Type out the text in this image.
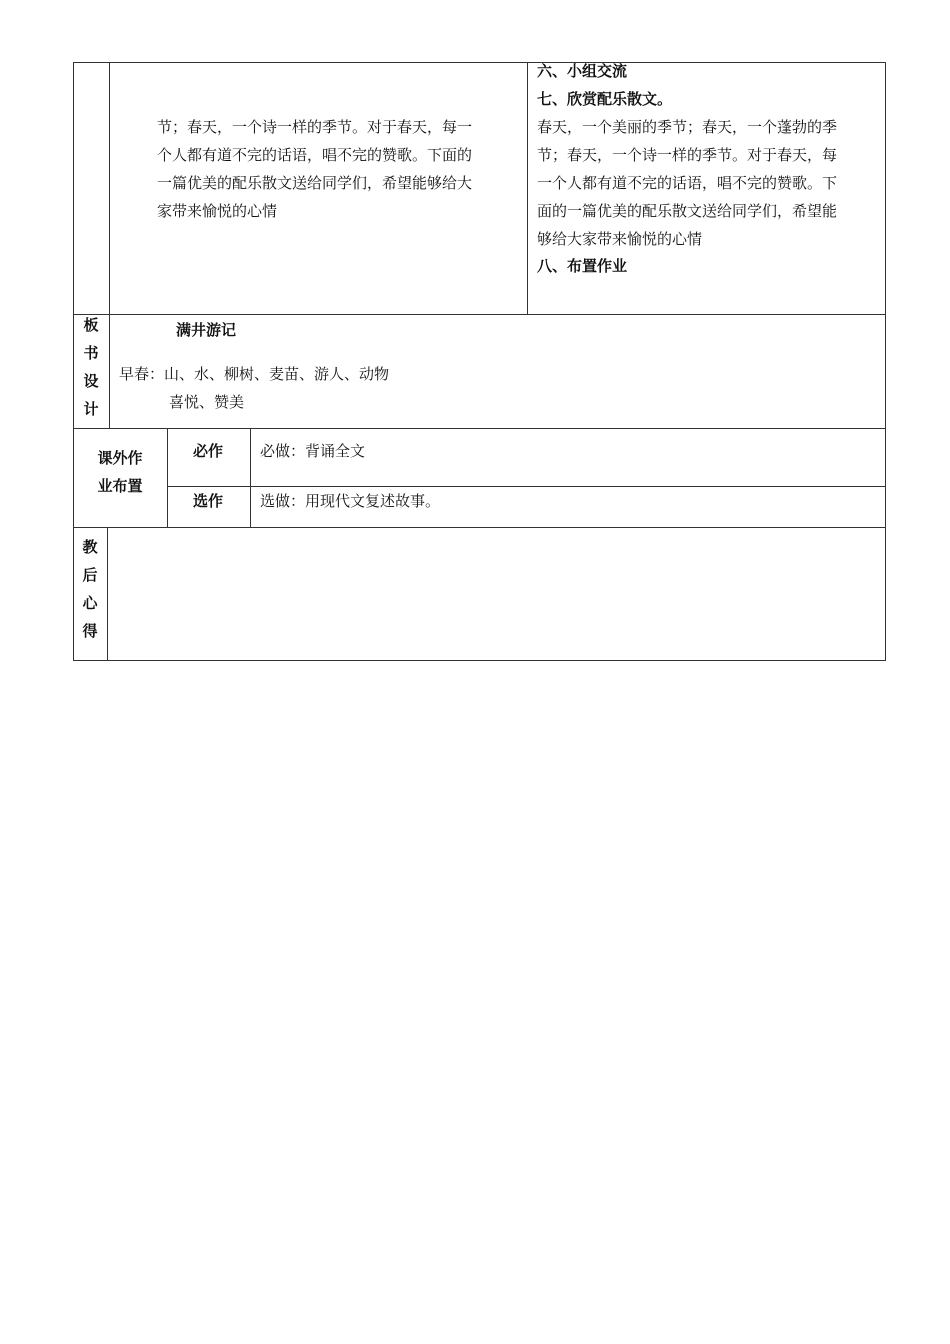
节；春天，一个诗一样的季节。对于春天，每一
个人都有道不完的话语，唱不完的赞歌。下面的
一篇优美的配乐散文送给同学们，希望能够给大
家带来愉悦的心情
六、小组交流
七、欣赏配乐散文。
春天，一个美丽的季节；春天，一个蓬勃的季
节；春天，一个诗一样的季节。对于春天，每
一个人都有道不完的话语，唱不完的赞歌。下
面的一篇优美的配乐散文送给同学们，希望能
够给大家带来愉悦的心情
八、布置作业
板
书
设
计
满井游记
早春：山、水、柳树、麦苗、游人、动物
喜悦、赞美
课外作
业布置
必作 必做：背诵全文
选作 选做：用现代文复述故事。
教
后
心
得
